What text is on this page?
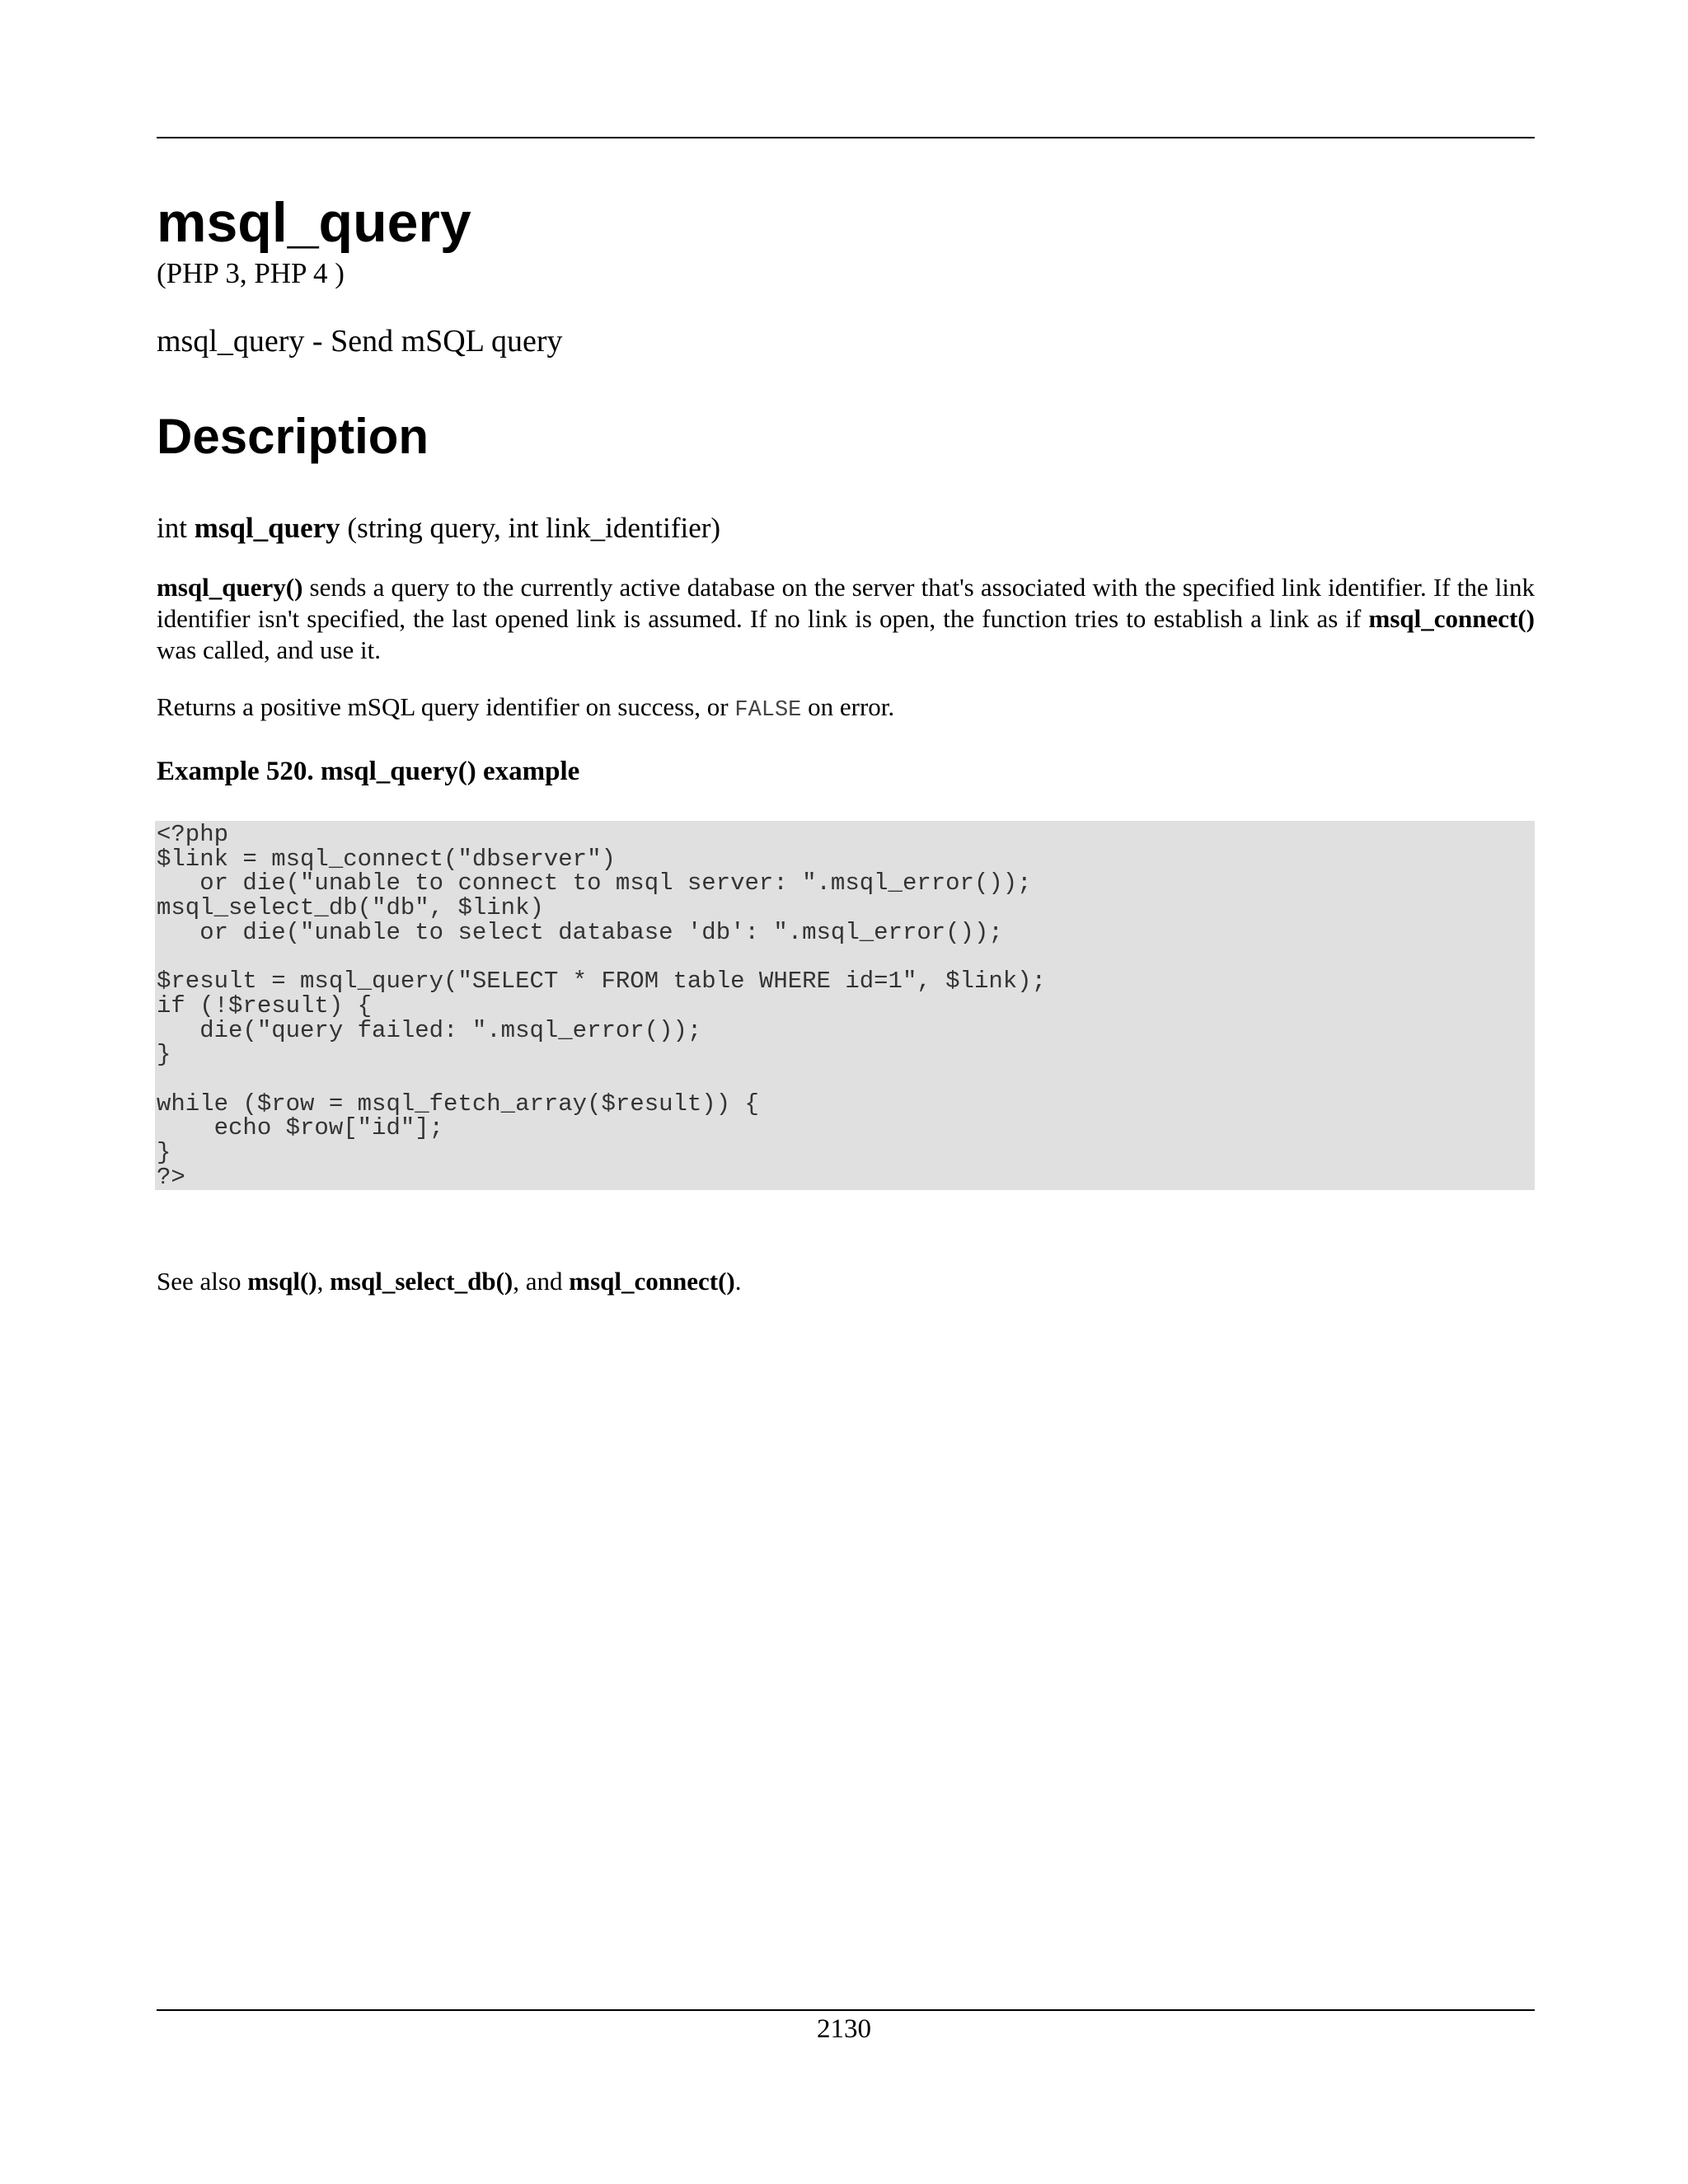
msql_query
(PHP 3, PHP 4 )
msql_query - Send mSQL query
Description
int msql_query (string query, int link_identifier)
msql_query() sends a query to the currently active database on the server that's associated with the specified link identifier. If the link identifier isn't specified, the last opened link is assumed. If no link is open, the function tries to establish a link as if msql_connect() was called, and use it.
Returns a positive mSQL query identifier on success, or FALSE on error.
Example 520. msql_query() example
<?php
$link = msql_connect("dbserver")
or die("unable to connect to msql server: ".msql_error());
msql_select_db("db", $link)
or die("unable to select database 'db': ".msql_error());

$result = msql_query("SELECT * FROM table WHERE id=1", $link);
if (!$result) {
die("query failed: ".msql_error());
}

while ($row = msql_fetch_array($result)) {
echo $row["id"];
}
?>
See also msql(), msql_select_db(), and msql_connect().
2130
